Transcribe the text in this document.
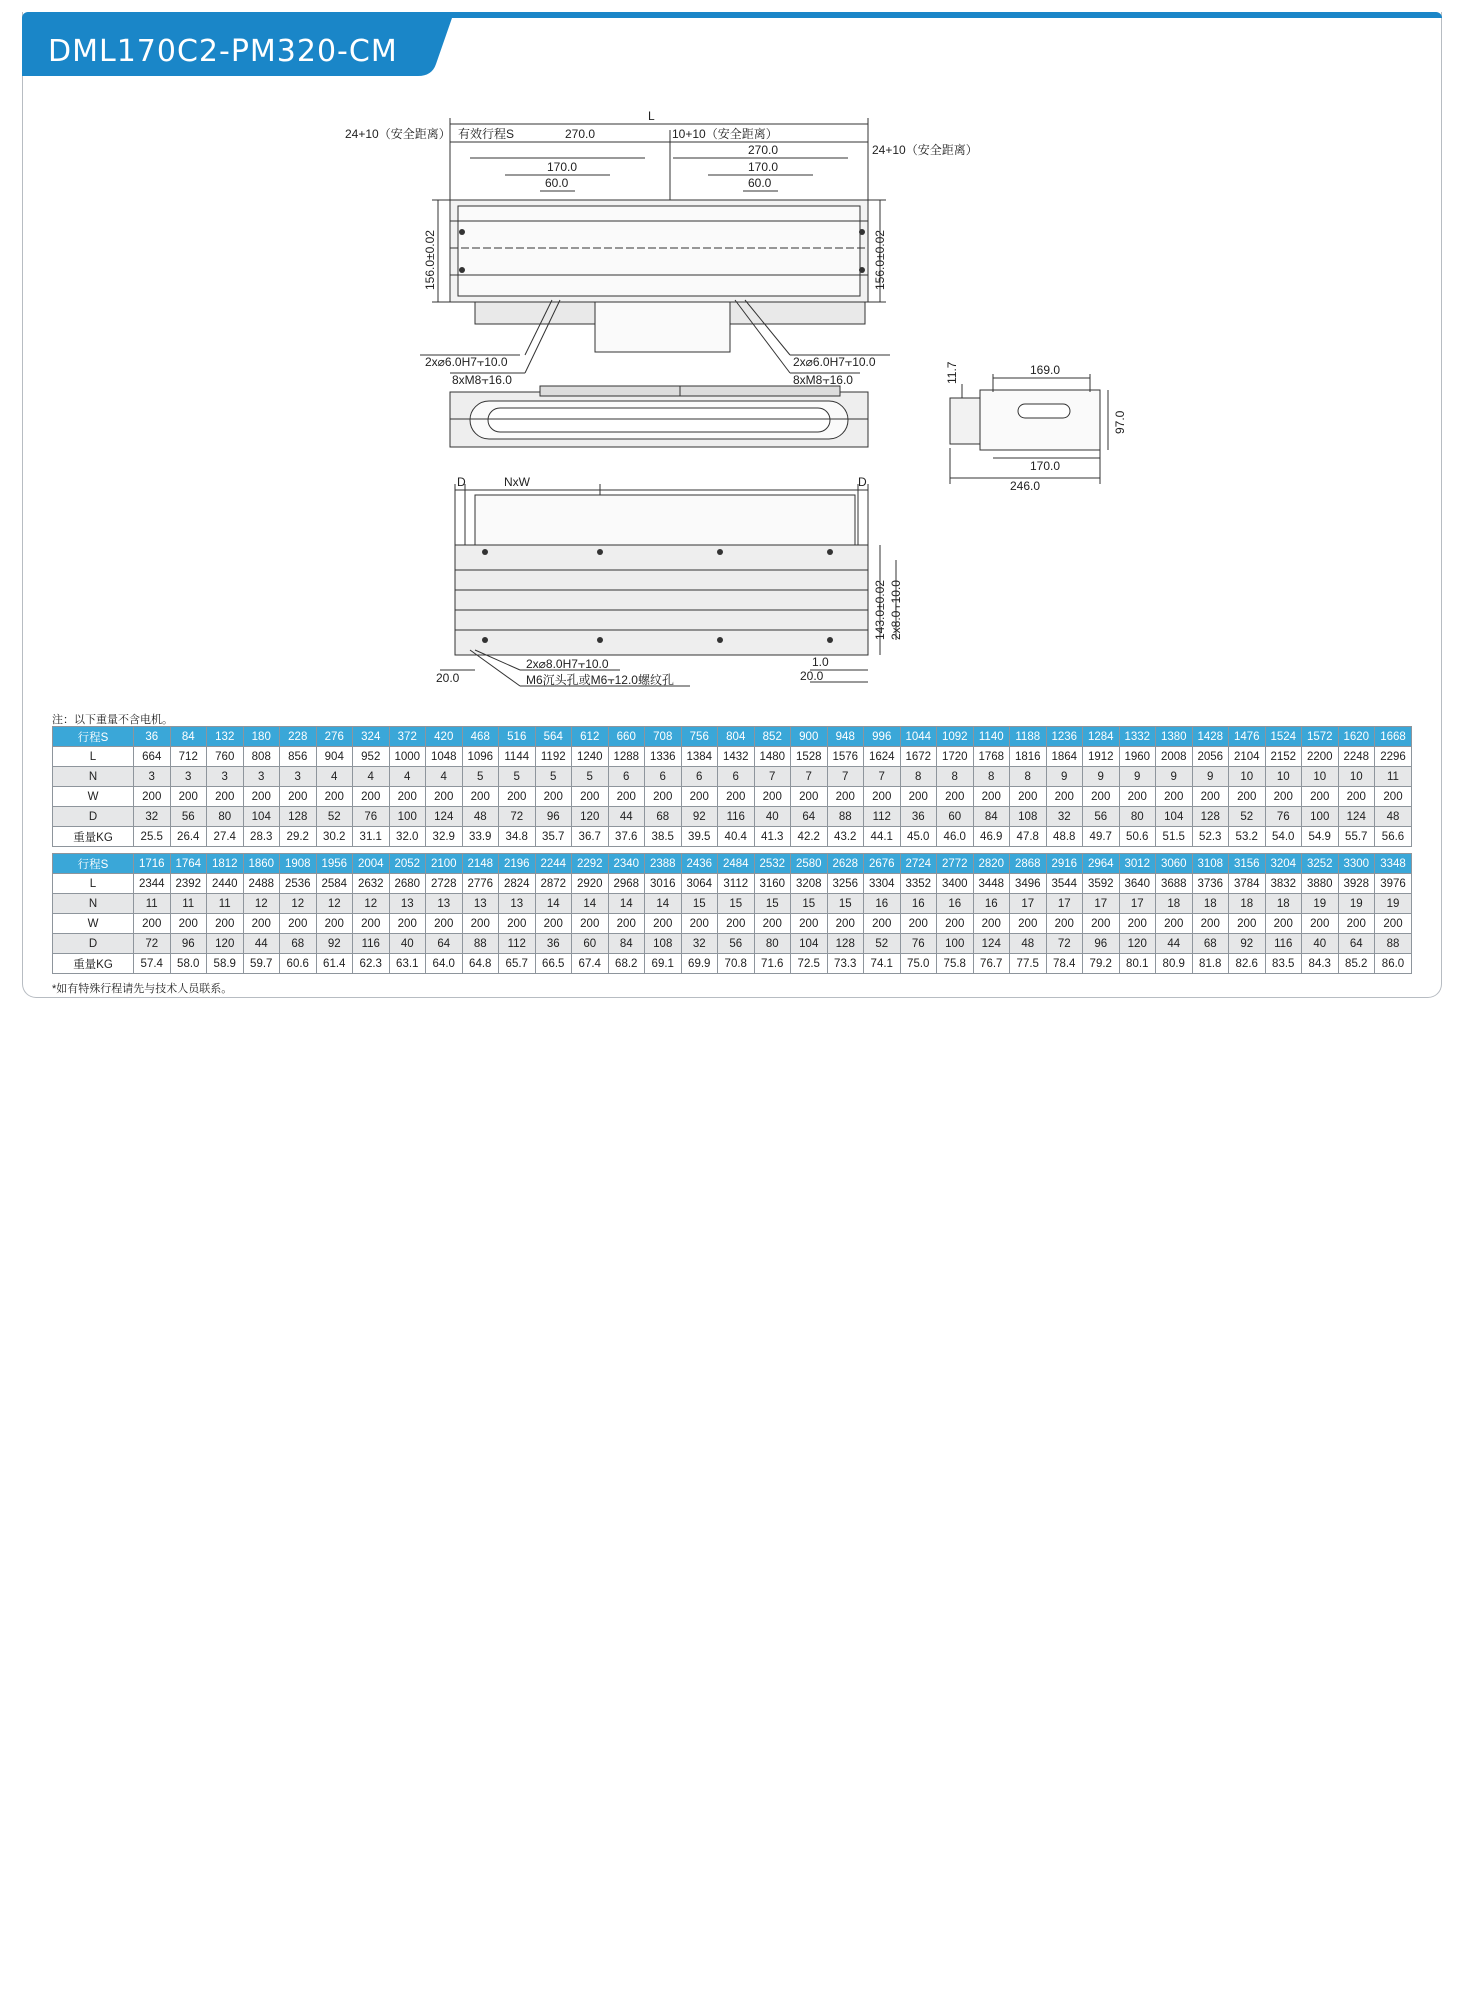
DML170C2-PM320-CM
L
24+10（安全距离） 有效行程S	10+10（安全距离）
24+10（安全距离）
270.0
270.0
170.0	170.0
60.0	60.0
156.0±0.02	156.0±0.02
2x⌀6.0H7⫟10.0
8xM8⫟16.0
2x⌀6.0H7⫟10.0
8xM8⫟16.0	11.7	169.0
97.0
170.0
246.0
D	D
NxW
143.0±0.02 2x8.0⫟10.0
2x⌀8.0H7⫟10.0
M6沉头孔或M6⫟12.0螺纹孔
20.0
1.0
20.0
注：以下重量不含电机。
行程S	36	84	132	180	228	276	324	372	420	468	516	564	612	660	708	756	804	852	900	948	996	1044	1092	1140	1188	1236	1284	1332	1380	1428	1476	1524	1572	1620	1668
L	664	712	760	808	856	904	952	1000	1048	1096	1144	1192	1240	1288	1336	1384	1432	1480	1528	1576	1624	1672	1720	1768	1816	1864	1912	1960	2008	2056	2104	2152	2200	2248	2296
N	3	3	3	3	3	4	4	4	4	5	5	5	5	6	6	6	6	7	7	7	7	8	8	8	8	9	9	9	9	9	10	10	10	10	11
W	200	200	200	200	200	200	200	200	200	200	200	200	200	200	200	200	200	200	200	200	200	200	200	200	200	200	200	200	200	200	200	200	200	200	200
D	32	56	80	104	128	52	76	100	124	48	72	96	120	44	68	92	116	40	64	88	112	36	60	84	108	32	56	80	104	128	52	76	100	124	48
重量KG	25.5	26.4	27.4	28.3	29.2	30.2	31.1	32.0	32.9	33.9	34.8	35.7	36.7	37.6	38.5	39.5	40.4	41.3	42.2	43.2	44.1	45.0	46.0	46.9	47.8	48.8	49.7	50.6	51.5	52.3	53.2	54.0	54.9	55.7	56.6
行程S	1716	1764	1812	1860	1908	1956	2004	2052	2100	2148	2196	2244	2292	2340	2388	2436	2484	2532	2580	2628	2676	2724	2772	2820	2868	2916	2964	3012	3060	3108	3156	3204	3252	3300	3348
L	2344	2392	2440	2488	2536	2584	2632	2680	2728	2776	2824	2872	2920	2968	3016	3064	3112	3160	3208	3256	3304	3352	3400	3448	3496	3544	3592	3640	3688	3736	3784	3832	3880	3928	3976
N	11	11	11	12	12	12	12	13	13	13	13	14	14	14	14	15	15	15	15	15	16	16	16	16	17	17	17	17	18	18	18	18	19	19	19
W	200	200	200	200	200	200	200	200	200	200	200	200	200	200	200	200	200	200	200	200	200	200	200	200	200	200	200	200	200	200	200	200	200	200	200
D	72	96	120	44	68	92	116	40	64	88	112	36	60	84	108	32	56	80	104	128	52	76	100	124	48	72	96	120	44	68	92	116	40	64	88
重量KG	57.4	58.0	58.9	59.7	60.6	61.4	62.3	63.1	64.0	64.8	65.7	66.5	67.4	68.2	69.1	69.9	70.8	71.6	72.5	73.3	74.1	75.0	75.8	76.7	77.5	78.4	79.2	80.1	80.9	81.8	82.6	83.5	84.3	85.2	86.0
*如有特殊行程请先与技术人员联系。
